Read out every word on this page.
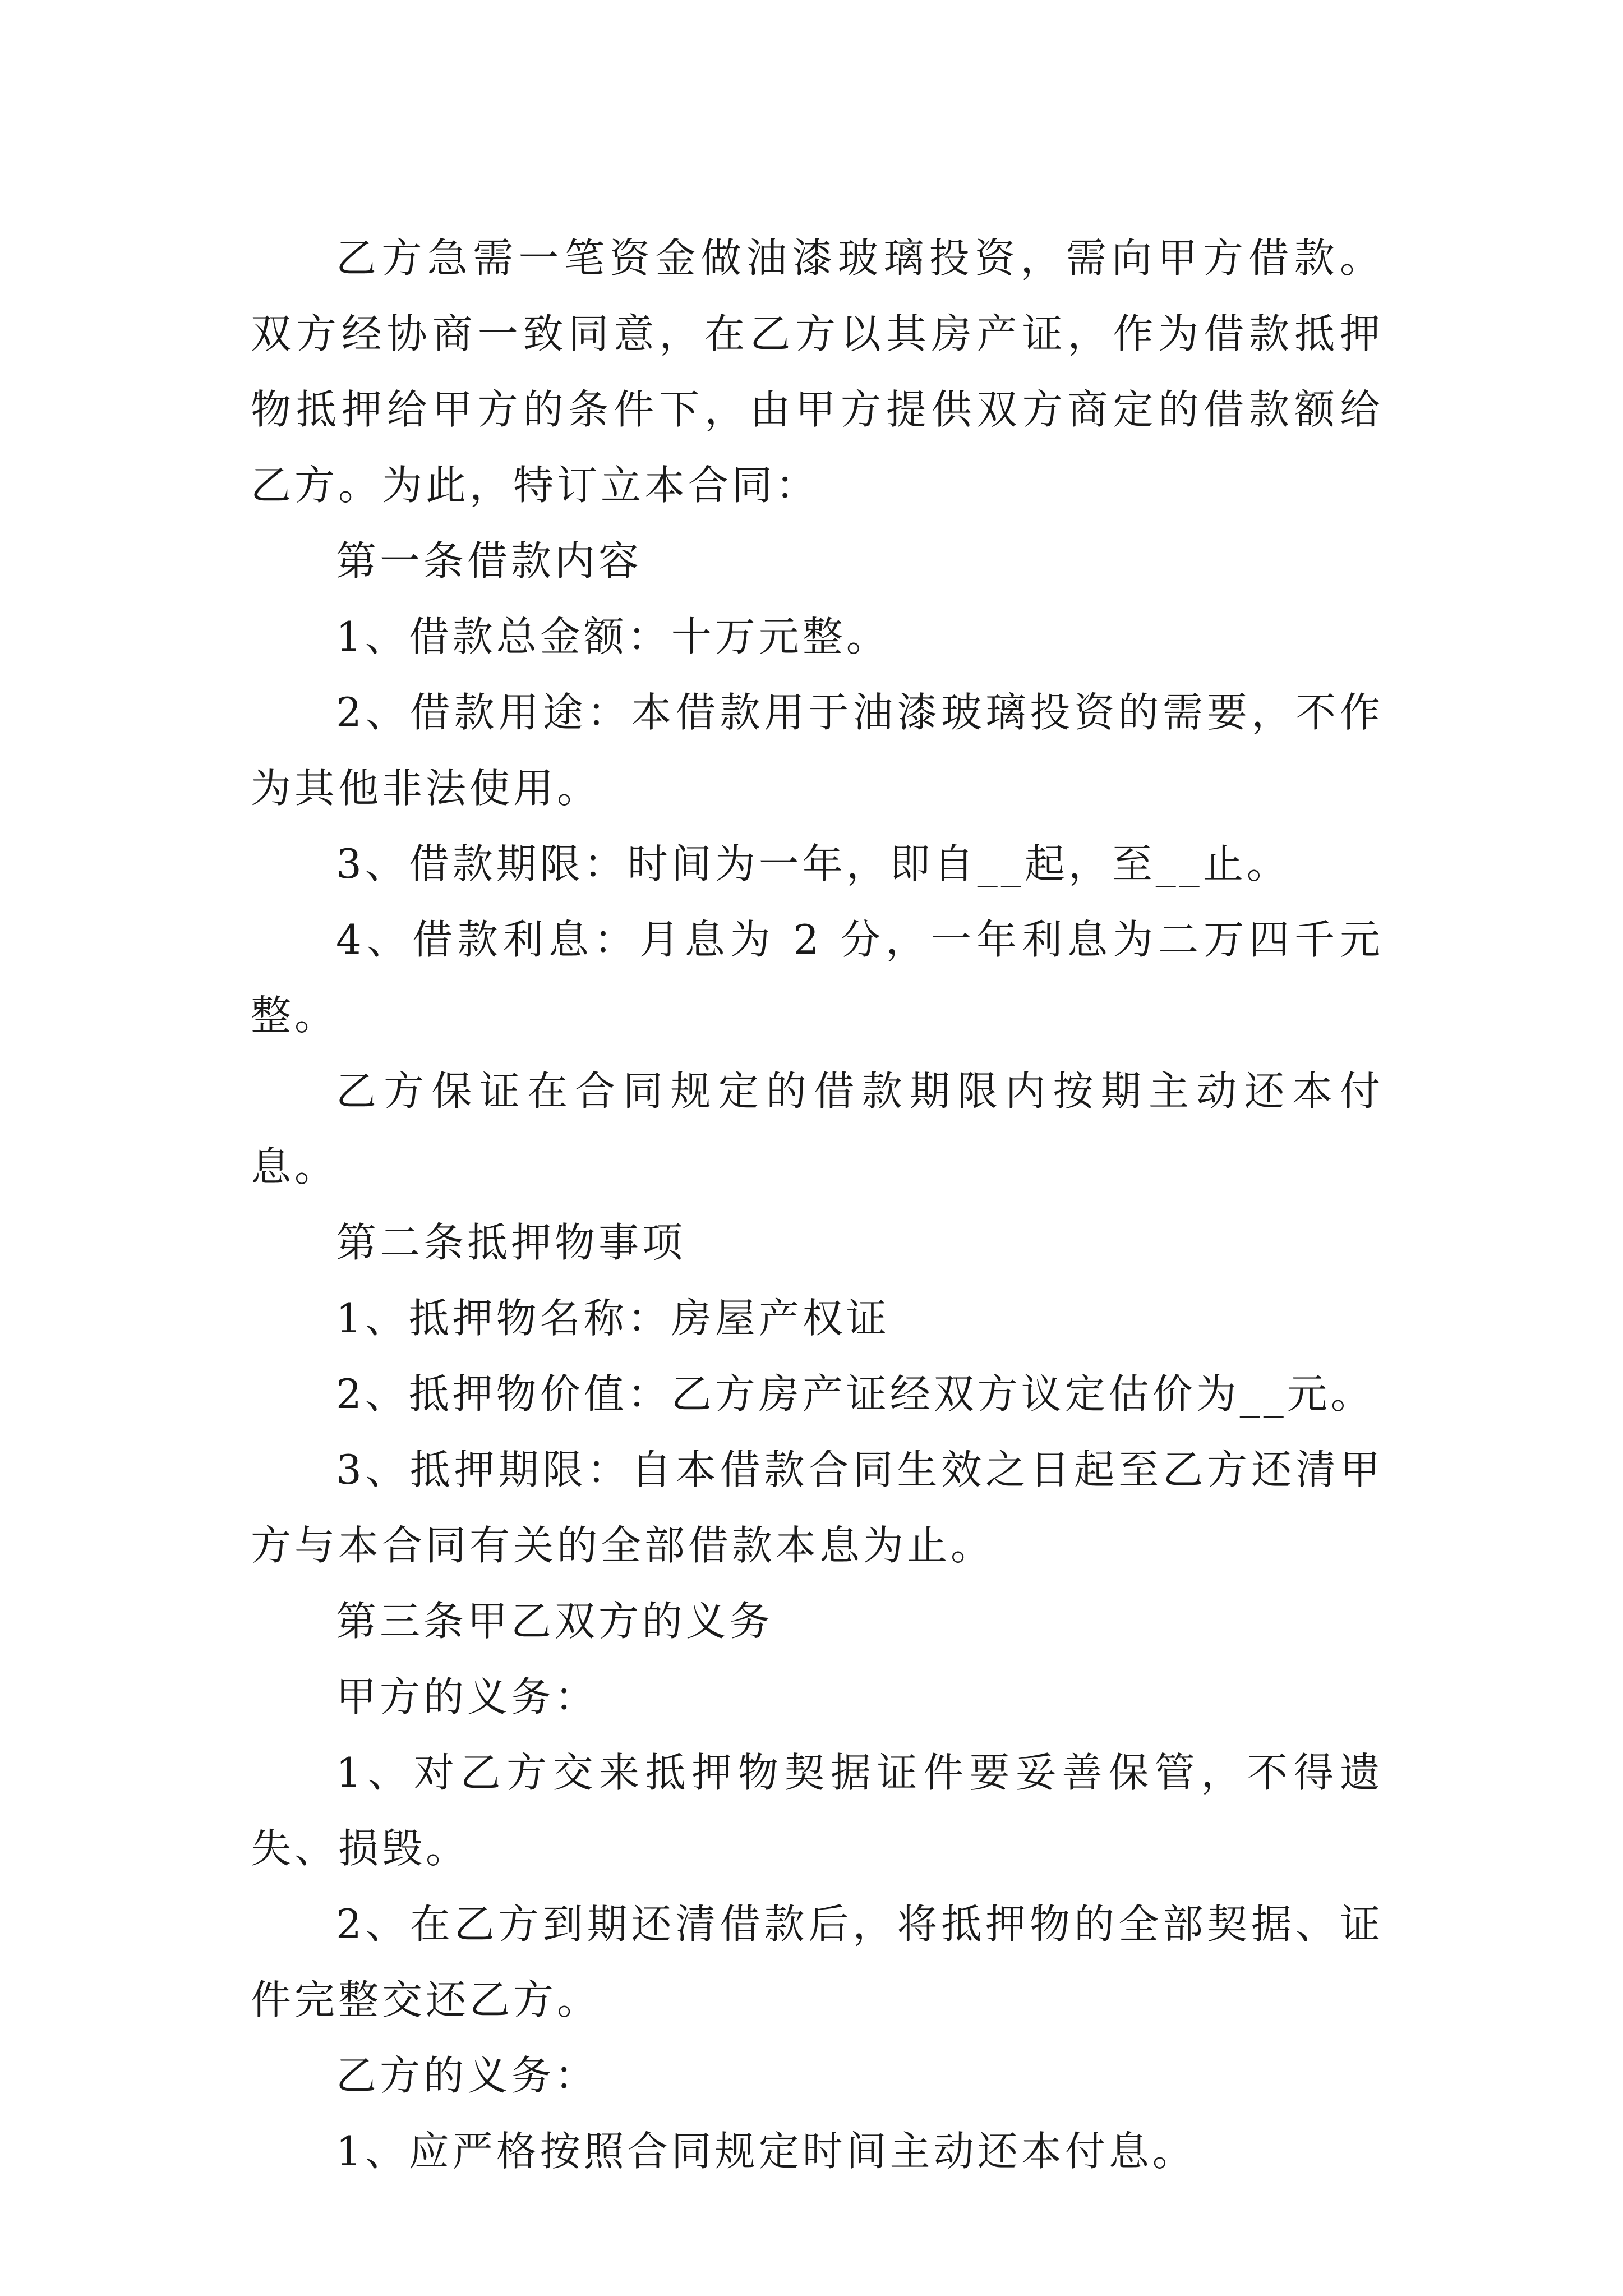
乙方急需一笔资金做油漆玻璃投资，需向甲方借款。双方经协商一致同意，在乙方以其房产证，作为借款抵押物抵押给甲方的条件下，由甲方提供双方商定的借款额给乙方。为此，特订立本合同：

第一条借款内容

1、借款总金额：十万元整。

2、借款用途：本借款用于油漆玻璃投资的需要，不作为其他非法使用。

3、借款期限：时间为一年，即自__起，至__止。

4、借款利息：月息为 2 分，一年利息为二万四千元整。

乙方保证在合同规定的借款期限内按期主动还本付息。

第二条抵押物事项

1、抵押物名称：房屋产权证

2、抵押物价值：乙方房产证经双方议定估价为__元。

3、抵押期限：自本借款合同生效之日起至乙方还清甲方与本合同有关的全部借款本息为止。

第三条甲乙双方的义务

甲方的义务：

1、对乙方交来抵押物契据证件要妥善保管，不得遗失、损毁。

2、在乙方到期还清借款后，将抵押物的全部契据、证件完整交还乙方。

乙方的义务：

1、应严格按照合同规定时间主动还本付息。
